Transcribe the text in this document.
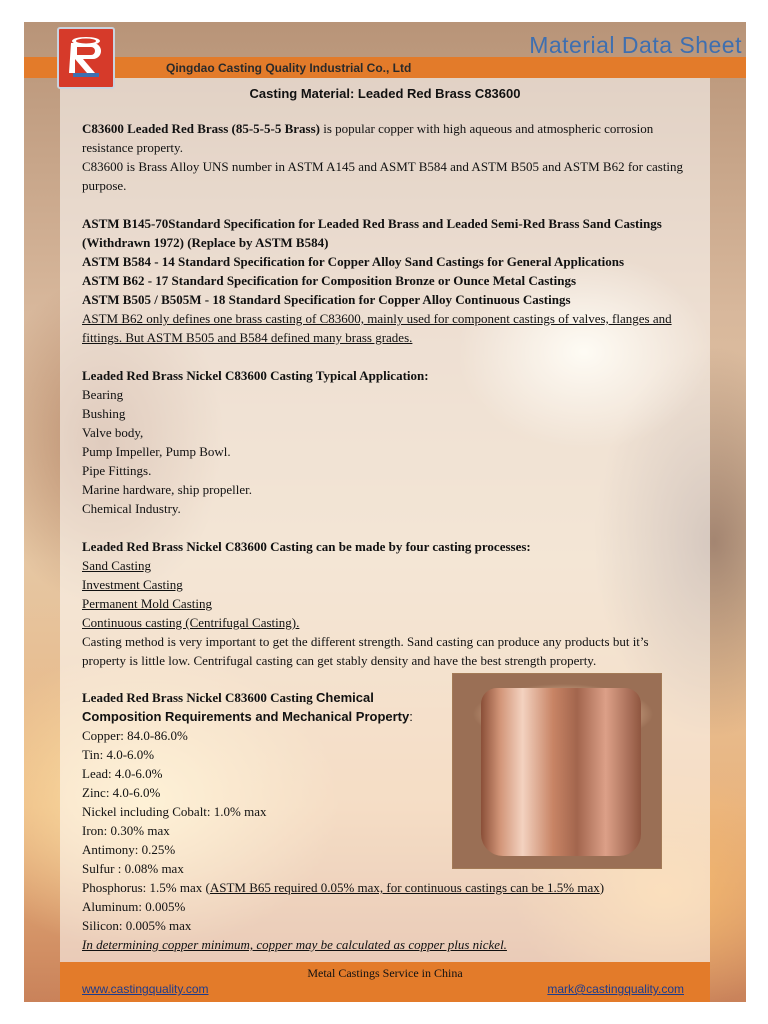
Material Data Sheet
Qingdao Casting Quality Industrial Co., Ltd
Casting Material: Leaded Red Brass C83600

C83600 Leaded Red Brass (85-5-5-5 Brass) is popular copper with high aqueous and atmospheric corrosion resistance property.

C83600 is Brass Alloy UNS number in ASTM A145 and ASMT B584 and ASTM B505 and ASTM B62 for casting purpose.

ASTM B145-70Standard Specification for Leaded Red Brass and Leaded Semi-Red Brass Sand Castings (Withdrawn 1972) (Replace by ASTM B584)

ASTM B584 - 14 Standard Specification for Copper Alloy Sand Castings for General Applications

ASTM B62 - 17 Standard Specification for Composition Bronze or Ounce Metal Castings

ASTM B505 / B505M - 18 Standard Specification for Copper Alloy Continuous Castings

ASTM B62 only defines one brass casting of C83600, mainly used for component castings of valves, flanges and fittings. But ASTM B505 and B584 defined many brass grades.

Leaded Red Brass Nickel C83600 Casting Typical Application:

Bearing

Bushing

Valve body,

Pump Impeller, Pump Bowl.

Pipe Fittings.

Marine hardware, ship propeller.

Chemical Industry.

Leaded Red Brass Nickel C83600 Casting can be made by four casting processes:

Sand Casting

Investment Casting

Permanent Mold Casting

Continuous casting (Centrifugal Casting).

Casting method is very important to get the different strength. Sand casting can produce any products but it’s property is little low. Centrifugal casting can get stably density and have the best strength property.

Leaded Red Brass Nickel C83600 Casting Chemical
Composition Requirements and Mechanical Property:

Copper: 84.0-86.0%

Tin: 4.0-6.0%

Lead: 4.0-6.0%

Zinc: 4.0-6.0%

Nickel including Cobalt: 1.0% max

Iron: 0.30% max

Antimony: 0.25%

Sulfur : 0.08% max

Phosphorus: 1.5% max (ASTM B65 required 0.05% max, for continuous castings can be 1.5% max)

Aluminum: 0.005%

Silicon: 0.005% max

In determining copper minimum, copper may be calculated as copper plus nickel.

Metal Castings Service in China
www.castingquality.com	mark@castingquality.com
